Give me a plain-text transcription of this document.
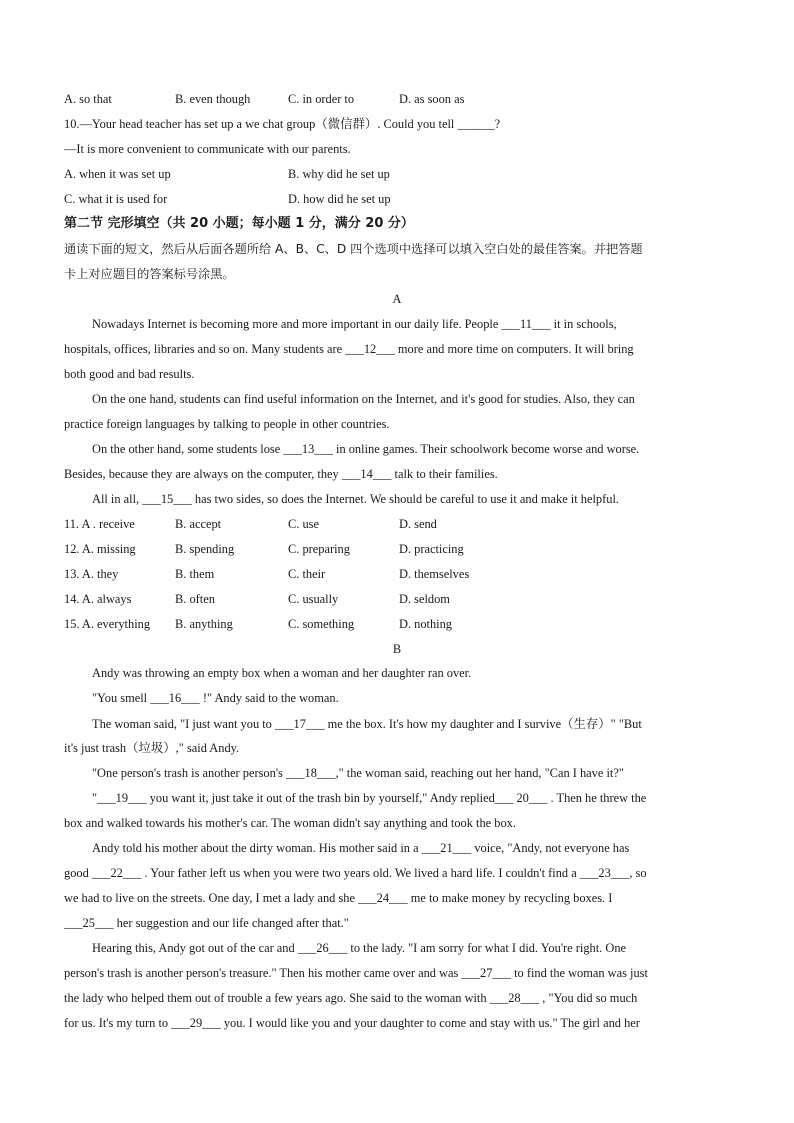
A. so that	B. even though	C. in order to	D. as soon as
10.—Your head teacher has set up a we chat group（微信群）. Could you tell ______?
—It is more convenient to communicate with our parents.
A. when it was set up	B. why did he set up
C. what it is used for	D. how did he set up
第二节 完形填空（共 20 小题；每小题 1 分，满分 20 分）
通读下面的短文，然后从后面各题所给 A、B、C、D 四个选项中选择可以填入空白处的最佳答案。并把答题
卡上对应题目的答案标号涂黑。
A
Nowadays Internet is becoming more and more important in our daily life. People ___11___ it in schools,
hospitals, offices, libraries and so on. Many students are ___12___ more and more time on computers. It will bring
both good and bad results.
On the one hand, students can find useful information on the Internet, and it's good for studies. Also, they can
practice foreign languages by talking to people in other countries.
On the other hand, some students lose ___13___ in online games. Their schoolwork become worse and worse.
Besides, because they are always on the computer, they ___14___ talk to their families.
All in all, ___15___ has two sides, so does the Internet. We should be careful to use it and make it helpful.
11. A . receive	B. accept	C. use	D. send
12. A. missing	B. spending	C. preparing	D. practicing
13. A. they	B. them	C. their	D. themselves
14. A. always	B. often	C. usually	D. seldom
15. A. everything B. anything	C. something	D. nothing
B
Andy was throwing an empty box when a woman and her daughter ran over.
"You smell ___16___ !" Andy said to the woman.
The woman said, "I just want you to ___17___ me the box. It's how my daughter and I survive（生存）" "But
it's just trash（垃圾）," said Andy.
"One person's trash is another person's ___18___," the woman said, reaching out her hand, "Can I have it?"
"___19___ you want it, just take it out of the trash bin by yourself," Andy replied___ 20___ . Then he threw the
box and walked towards his mother's car. The woman didn't say anything and took the box.
Andy told his mother about the dirty woman. His mother said in a ___21___ voice, "Andy, not everyone has
good ___22___ . Your father left us when you were two years old. We lived a hard life. I couldn't find a ___23___, so
we had to live on the streets. One day, I met a lady and she ___24___ me to make money by recycling boxes. I
___25___ her suggestion and our life changed after that."
Hearing this, Andy got out of the car and ___26___ to the lady. "I am sorry for what I did. You're right. One
person's trash is another person's treasure." Then his mother came over and was ___27___ to find the woman was just
the lady who helped them out of trouble a few years ago. She said to the woman with ___28___ , "You did so much
for us. It's my turn to ___29___ you. I would like you and your daughter to come and stay with us." The girl and her
